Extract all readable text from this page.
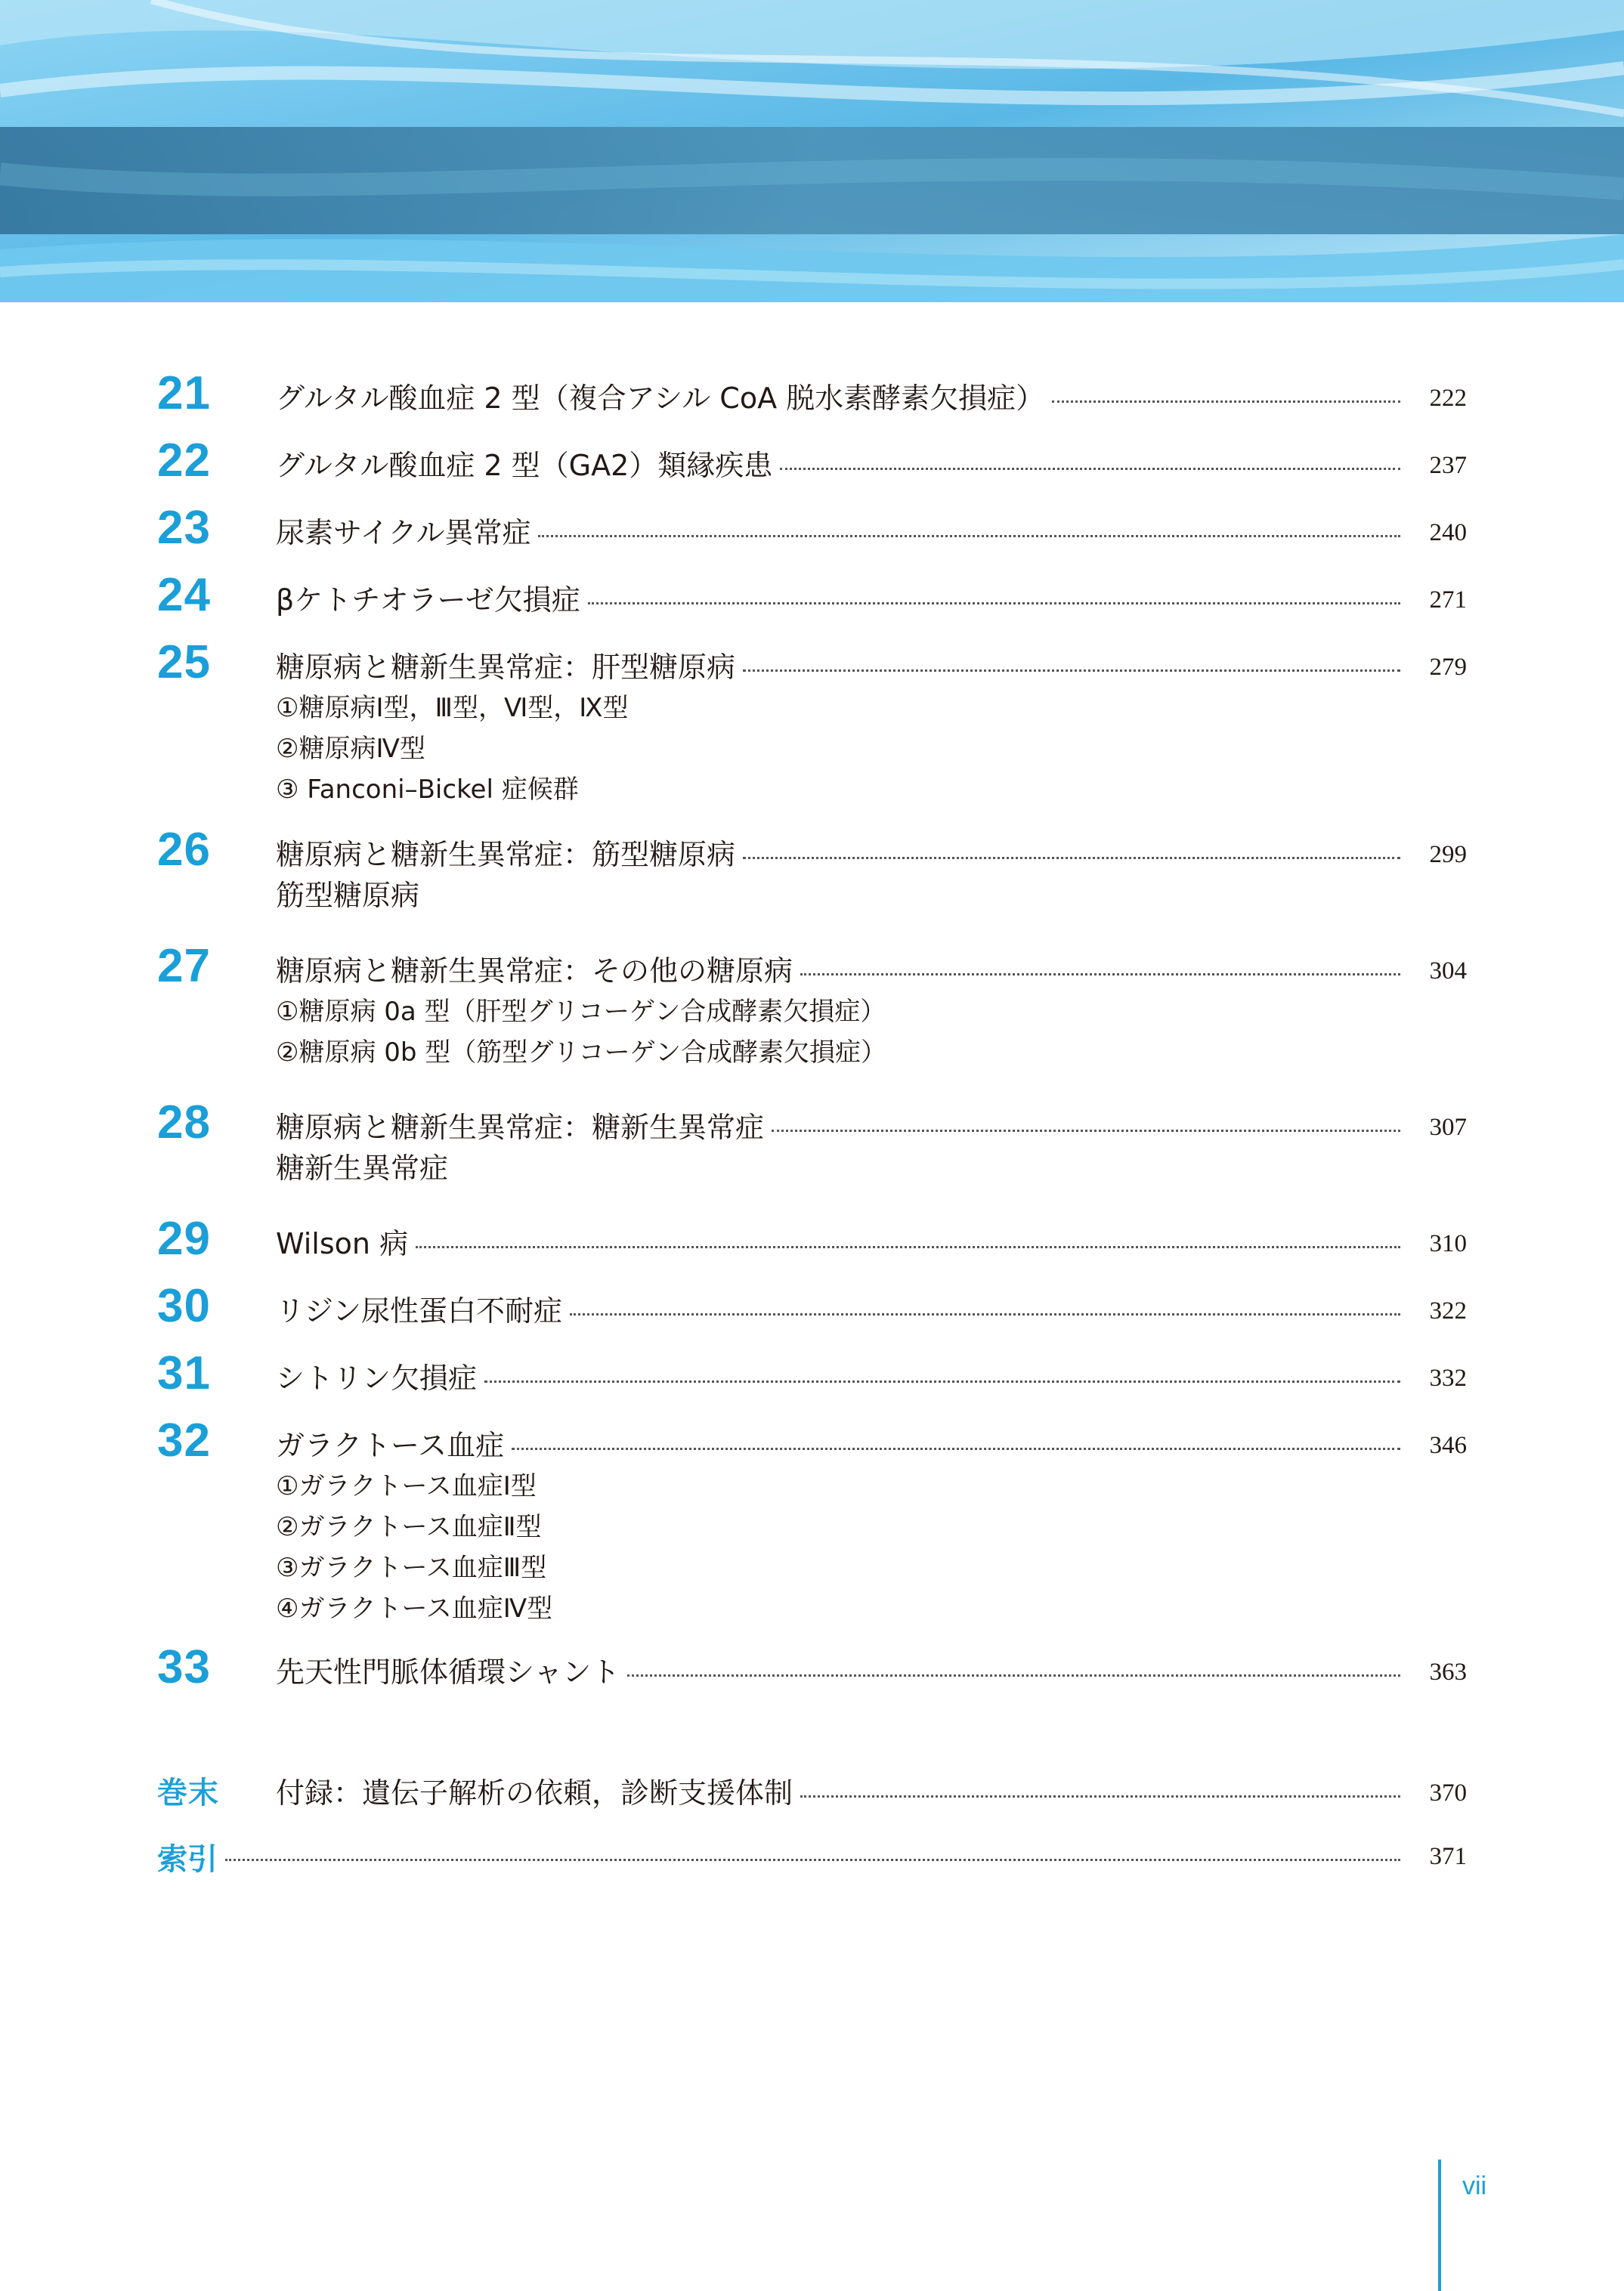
21	グルタル酸血症 2 型（複合アシル CoA 脱水素酵素欠損症）	222
22	グルタル酸血症 2 型（GA2）類縁疾患	237
23	尿素サイクル異常症	240
24	βケトチオラーゼ欠損症	271
25	糖原病と糖新生異常症：肝型糖原病	279
①糖原病Ⅰ型，Ⅲ型，Ⅵ型，Ⅸ型
②糖原病Ⅳ型
③ Fanconi–Bickel 症候群
26	糖原病と糖新生異常症：筋型糖原病	299
筋型糖原病
27	糖原病と糖新生異常症：その他の糖原病	304
①糖原病 0a 型（肝型グリコーゲン合成酵素欠損症）
②糖原病 0b 型（筋型グリコーゲン合成酵素欠損症）
28	糖原病と糖新生異常症：糖新生異常症	307
糖新生異常症
29	Wilson 病	310
30	リジン尿性蛋白不耐症	322
31	シトリン欠損症	332
32	ガラクトース血症	346
①ガラクトース血症Ⅰ型
②ガラクトース血症Ⅱ型
③ガラクトース血症Ⅲ型
④ガラクトース血症Ⅳ型
33	先天性門脈体循環シャント	363
巻末	付録：遺伝子解析の依頼，診断支援体制	370
索引	371
vii
